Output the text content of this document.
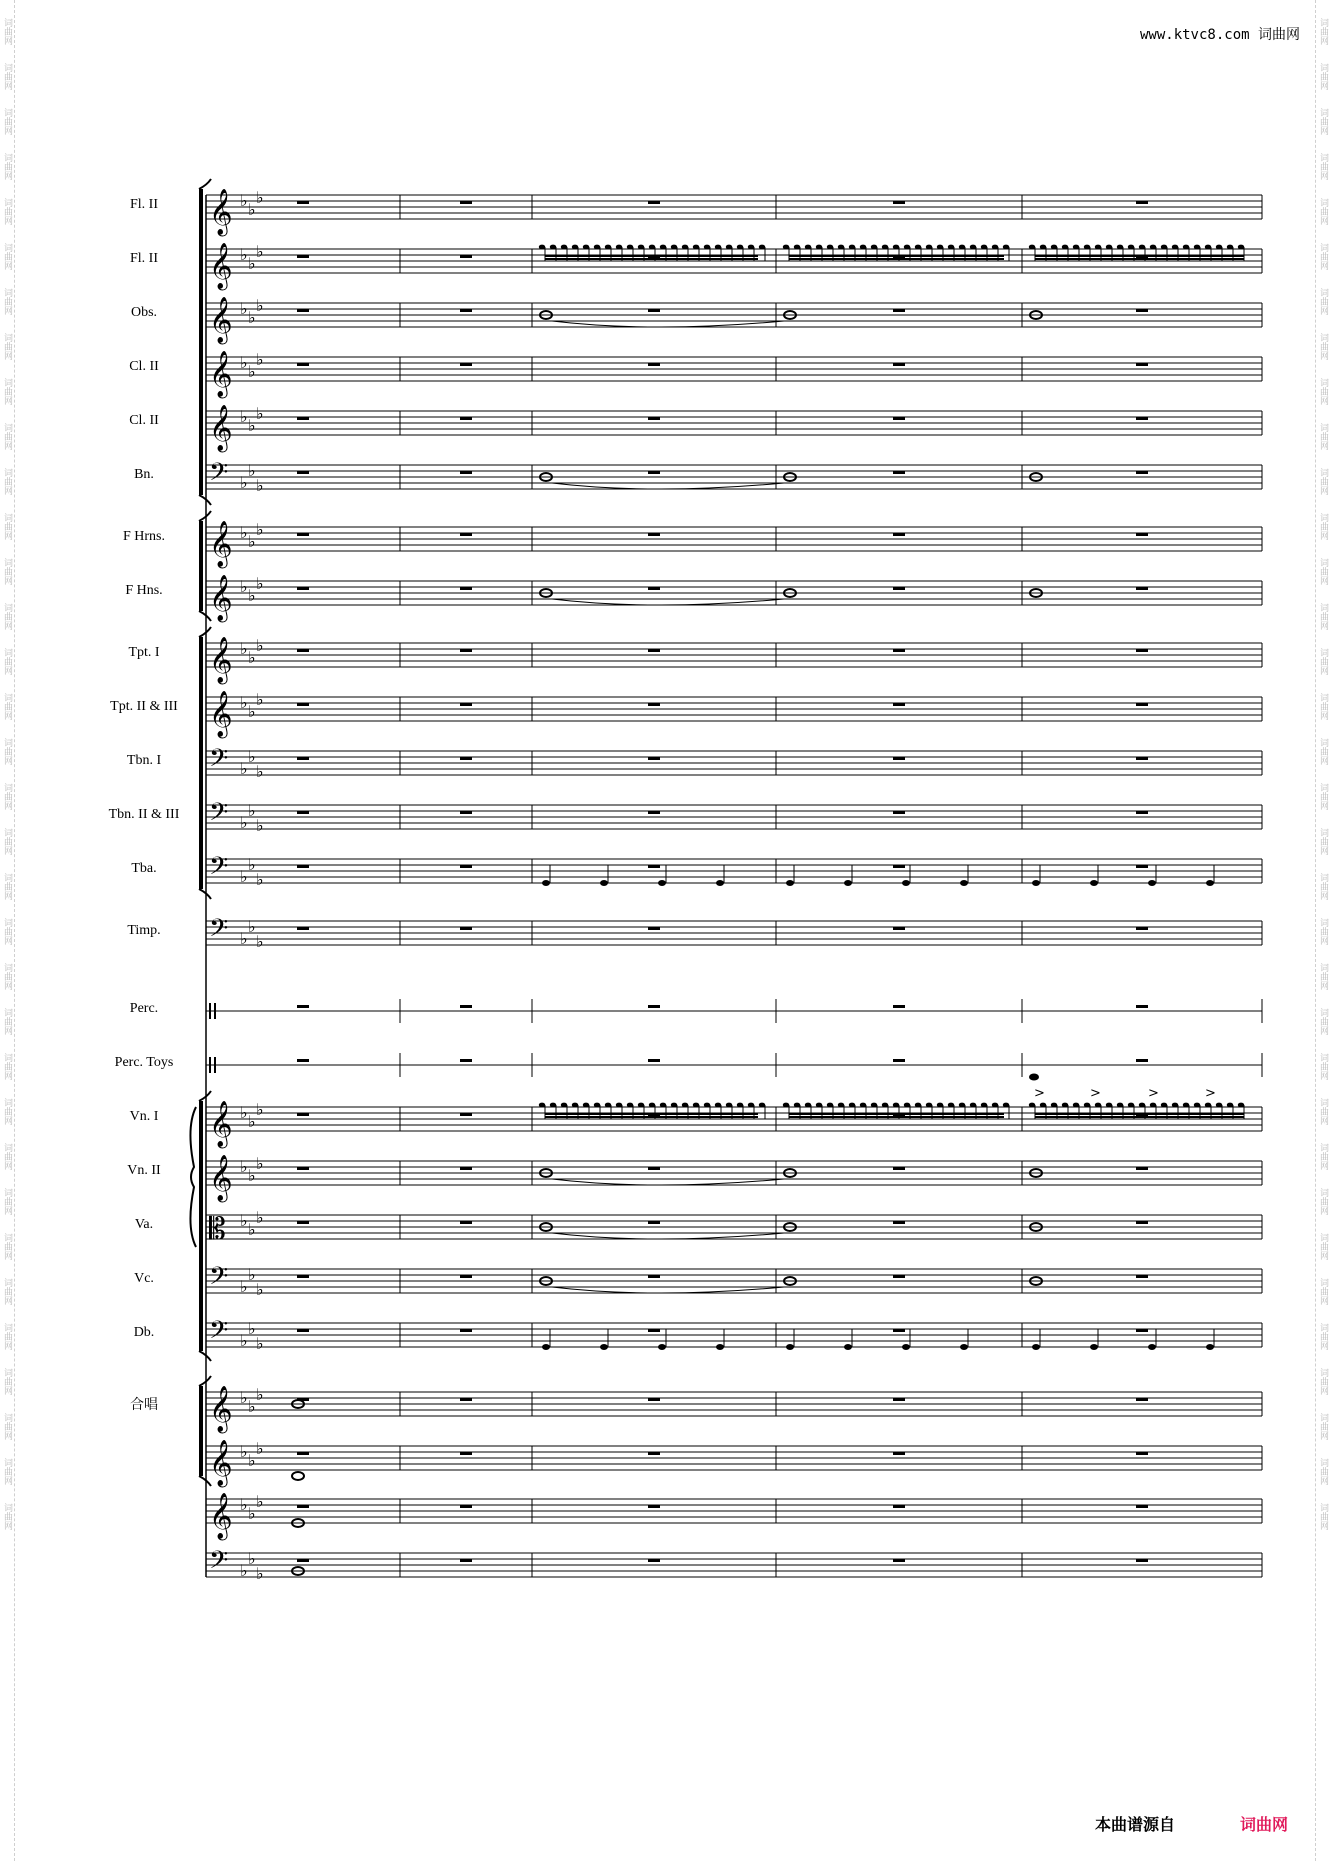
词曲网
词曲网
词曲网
词曲网
词曲网
词曲网
词曲网
词曲网
词曲网
词曲网
词曲网
词曲网
词曲网
词曲网
词曲网
词曲网
词曲网
词曲网
词曲网
词曲网
词曲网
词曲网
词曲网
词曲网
词曲网
词曲网
词曲网
词曲网
词曲网
词曲网
词曲网
词曲网
词曲网
词曲网
词曲网
词曲网
词曲网
词曲网
词曲网
词曲网
词曲网
词曲网
词曲网
词曲网
词曲网
词曲网
词曲网
词曲网
词曲网
词曲网
词曲网
词曲网
词曲网
词曲网
词曲网
词曲网
词曲网
词曲网
词曲网
词曲网
词曲网
词曲网
词曲网
词曲网
词曲网
词曲网
词曲网
词曲网
www.ktvc8.com 词曲网
𝄞 ♭ ♭
♭
𝄞 ♭ ♭
♭
𝄞 ♭ ♭
♭
𝄞 ♭ ♭
♭
𝄞 ♭ ♭
♭
𝄢 ♭
♭
♭
𝄞 ♭ ♭
♭
𝄞 ♭ ♭
♭
𝄞 ♭ ♭
♭
𝄞 ♭ ♭
♭
𝄢 ♭
♭
♭
𝄢 ♭
♭
♭
𝄢 ♭
♭
♭
𝄢 ♭
♭
♭
𝄞 ♭ ♭
♭
𝄞 ♭ ♭
♭
𝄡 ♭ ♭
♭
𝄢 ♭
♭
♭
𝄢 ♭
♭
♭
𝄞 ♭ ♭
♭
𝄞 ♭ ♭
♭
𝄞 ♭ ♭
♭
𝄢 ♭
♭
♭
>	>	>	>
Fl. II
Fl. II
Obs.
Cl. II
Cl. II
Bn.
F Hrns.
F Hns.
Tpt. I
Tpt. II & III
Tbn. I
Tbn. II & III
Tba.
Timp.
Perc.
Perc. Toys
Vn. I
Vn. II
Va.
Vc.
Db.
合唱
本曲谱源自	词曲网
